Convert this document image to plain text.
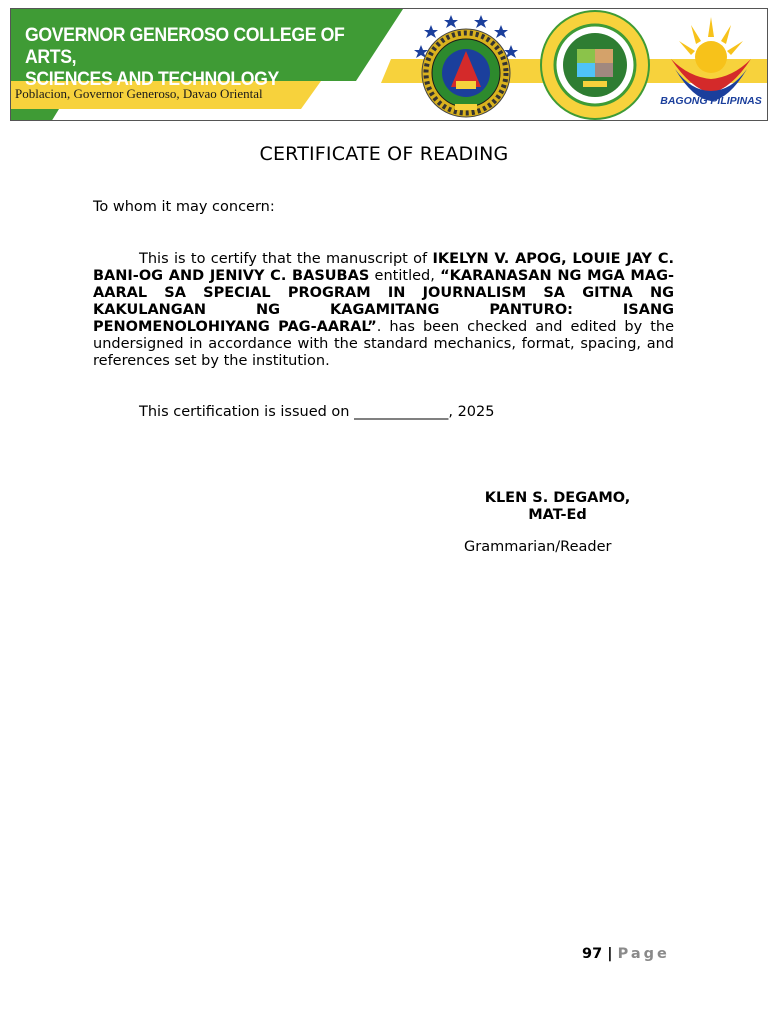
GOVERNOR GENEROSO COLLEGE OF ARTS,
SCIENCES AND TECHNOLOGY
Poblacion, Governor Generoso, Davao Oriental	BAGONG PILIPINAS
CERTIFICATE OF READING
To whom it may concern:
This is to certify that the manuscript of IKELYN V. APOG, LOUIE JAY C. BANI-OG AND JENIVY C. BASUBAS entitled, “KARANASAN NG MGA MAG-AARAL SA SPECIAL PROGRAM IN JOURNALISM SA GITNA NG KAKULANGAN NG KAGAMITANG PANTURO: ISANG PENOMENOLOHIYANG PAG-AARAL”. has been checked and edited by the undersigned in accordance with the standard mechanics, format, spacing, and references set by the institution.
This certification is issued on _____________, 2025
KLEN S. DEGAMO,
MAT-Ed
Grammarian/Reader
97 | Page
